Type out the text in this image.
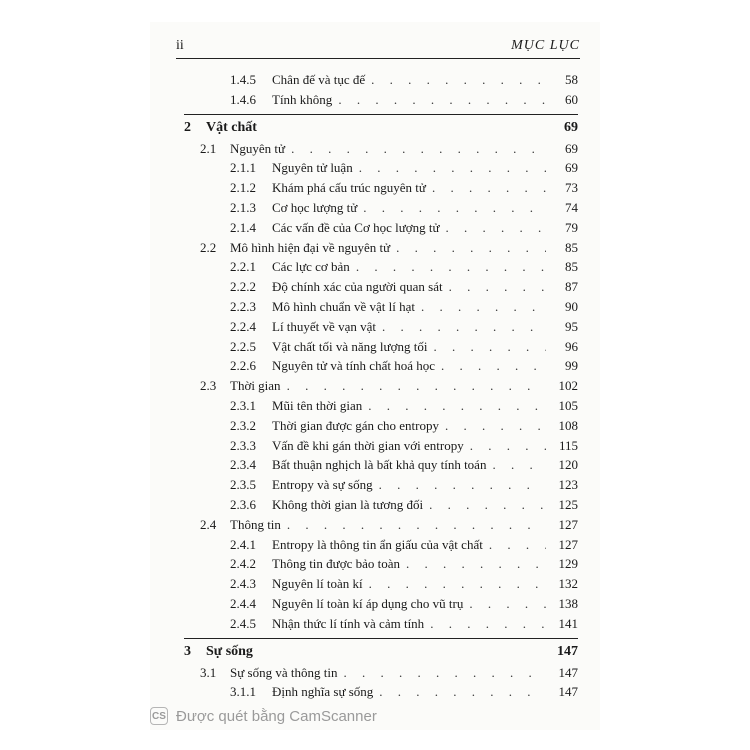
ii	MỤC LỤC
1.4.5	Chân đế và tục đế . . .	58
1.4.6	Tính không . . .	60
2	Vật chất	69
2.1	Nguyên tử . . .	69
2.1.1	Nguyên tử luận . . .	69
2.1.2	Khám phá cấu trúc nguyên tử . . .	73
2.1.3	Cơ học lượng tử . . .	74
2.1.4	Các vấn đề của Cơ học lượng tử . . .	79
2.2	Mô hình hiện đại về nguyên tử . . .	85
2.2.1	Các lực cơ bản . . .	85
2.2.2	Độ chính xác của người quan sát . . .	87
2.2.3	Mô hình chuẩn về vật lí hạt . . .	90
2.2.4	Lí thuyết về vạn vật . . .	95
2.2.5	Vật chất tối và năng lượng tối . . .	96
2.2.6	Nguyên tử và tính chất hoá học . . .	99
2.3	Thời gian . . .	102
2.3.1	Mũi tên thời gian . . .	105
2.3.2	Thời gian được gán cho entropy . . .	108
2.3.3	Vấn đề khi gán thời gian với entropy . . .	115
2.3.4	Bất thuận nghịch là bất khả quy tính toán . . .	120
2.3.5	Entropy và sự sống . . .	123
2.3.6	Không thời gian là tương đối . . .	125
2.4	Thông tin . . .	127
2.4.1	Entropy là thông tin ẩn giấu của vật chất . . .	127
2.4.2	Thông tin được bảo toàn . . .	129
2.4.3	Nguyên lí toàn kí . . .	132
2.4.4	Nguyên lí toàn kí áp dụng cho vũ trụ . . .	138
2.4.5	Nhận thức lí tính và cảm tính . . .	141
3	Sự sống	147
3.1	Sự sống và thông tin . . .	147
3.1.1	Định nghĩa sự sống . . .	147
CS Được quét bằng CamScanner
